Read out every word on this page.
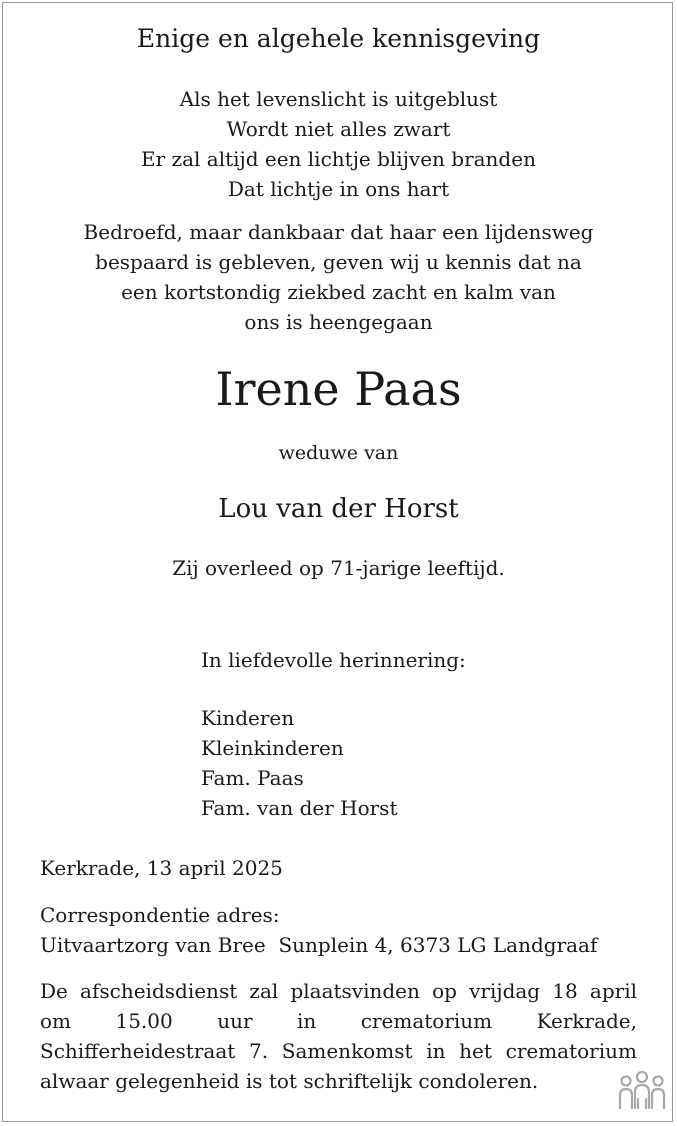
Enige en algehele kennisgeving
Als het levenslicht is uitgeblust
Wordt niet alles zwart
Er zal altijd een lichtje blijven branden
Dat lichtje in ons hart
Bedroefd, maar dankbaar dat haar een lijdensweg
bespaard is gebleven, geven wij u kennis dat na
een kortstondig ziekbed zacht en kalm van
ons is heengegaan
Irene Paas
weduwe van
Lou van der Horst
Zij overleed op 71-jarige leeftijd.
In liefdevolle herinnering:
Kinderen
Kleinkinderen
Fam. Paas
Fam. van der Horst
Kerkrade, 13 april 2025
Correspondentie adres:
Uitvaartzorg van Bree  Sunplein 4, 6373 LG Landgraaf
De afscheidsdienst zal plaatsvinden op vrijdag 18 april
om 15.00 uur in crematorium Kerkrade,
Schifferheidestraat 7. Samenkomst in het crematorium
alwaar gelegenheid is tot schriftelijk condoleren.
